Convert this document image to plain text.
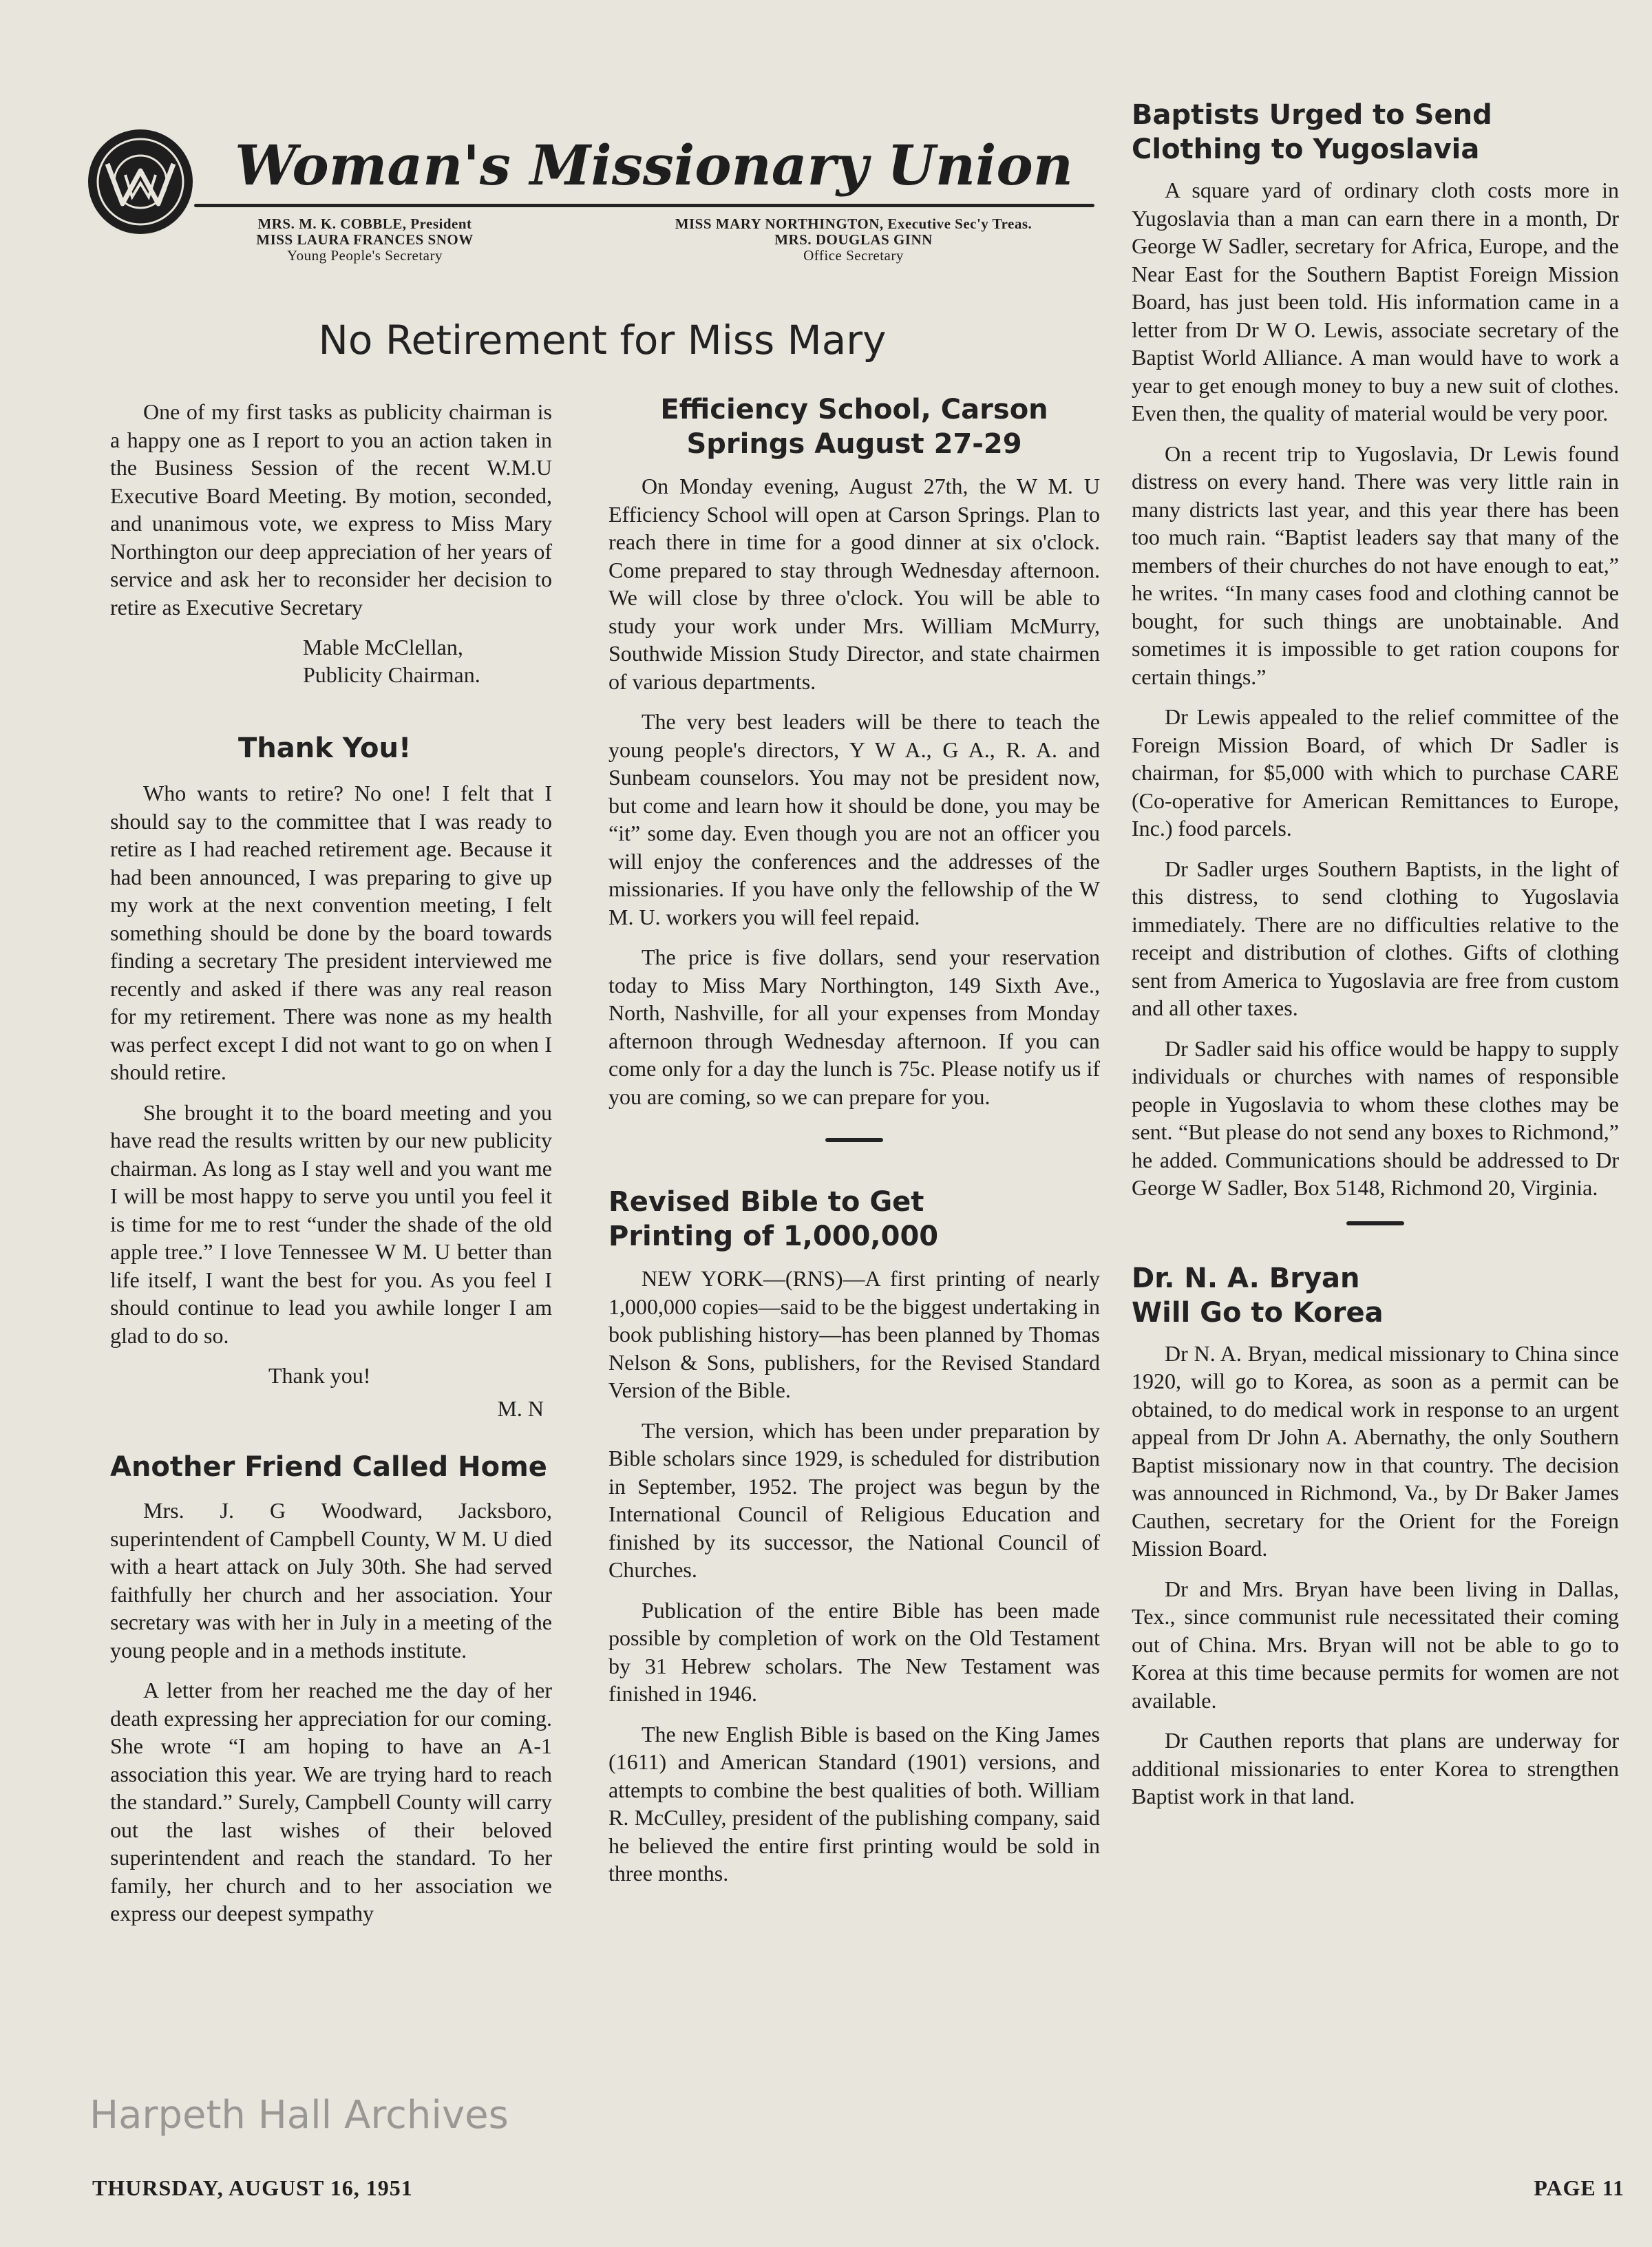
Woman's Missionary Union
MRS. M. K. COBBLE, President
MISS LAURA FRANCES SNOW
Young People's Secretary
MISS MARY NORTHINGTON, Executive Sec'y Treas.
MRS. DOUGLAS GINN
Office Secretary
No Retirement for Miss Mary

One of my first tasks as publicity chairman is a happy one as I report to you an action taken in the Business Session of the recent W.M.U Executive Board Meeting. By motion, seconded, and unanimous vote, we express to Miss Mary Northington our deep appreciation of her years of service and ask her to reconsider her decision to retire as Executive Secretary

Mable McClellan,
Publicity Chairman.
Thank You!

Who wants to retire? No one! I felt that I should say to the committee that I was ready to retire as I had reached retirement age. Because it had been announced, I was preparing to give up my work at the next convention meeting, I felt something should be done by the board towards finding a secretary The president interviewed me recently and asked if there was any real reason for my retirement. There was none as my health was perfect except I did not want to go on when I should retire.

She brought it to the board meeting and you have read the results written by our new publicity chairman. As long as I stay well and you want me I will be most happy to serve you until you feel it is time for me to rest “under the shade of the old apple tree.” I love Tennessee W M. U better than life itself, I want the best for you. As you feel I should continue to lead you awhile longer I am glad to do so.

Thank you!
M. N
Another Friend Called Home

Mrs. J. G Woodward, Jacksboro, superintendent of Campbell County, W M. U died with a heart attack on July 30th. She had served faithfully her church and her association. Your secretary was with her in July in a meeting of the young people and in a methods institute.

A letter from her reached me the day of her death expressing her appreciation for our coming. She wrote “I am hoping to have an A-1 association this year. We are trying hard to reach the standard.” Surely, Campbell County will carry out the last wishes of their beloved superintendent and reach the standard. To her family, her church and to her association we express our deepest sympathy

Efficiency School, Carson
Springs August 27-29

On Monday evening, August 27th, the W M. U Efficiency School will open at Carson Springs. Plan to reach there in time for a good dinner at six o'clock. Come prepared to stay through Wednesday afternoon. We will close by three o'clock. You will be able to study your work under Mrs. William McMurry, Southwide Mission Study Director, and state chairmen of various departments.

The very best leaders will be there to teach the young people's directors, Y W A., G A., R. A. and Sunbeam counselors. You may not be president now, but come and learn how it should be done, you may be “it” some day. Even though you are not an officer you will enjoy the conferences and the addresses of the missionaries. If you have only the fellowship of the W M. U. workers you will feel repaid.

The price is five dollars, send your reservation today to Miss Mary Northington, 149 Sixth Ave., North, Nashville, for all your expenses from Monday afternoon through Wednesday afternoon. If you can come only for a day the lunch is 75c. Please notify us if you are coming, so we can prepare for you.

Revised Bible to Get
Printing of 1,000,000

NEW YORK—(RNS)—A first printing of nearly 1,000,000 copies—said to be the biggest undertaking in book publishing history—has been planned by Thomas Nelson & Sons, publishers, for the Revised Standard Version of the Bible.

The version, which has been under preparation by Bible scholars since 1929, is scheduled for distribution in September, 1952. The project was begun by the International Council of Religious Education and finished by its successor, the National Council of Churches.

Publication of the entire Bible has been made possible by completion of work on the Old Testament by 31 Hebrew scholars. The New Testament was finished in 1946.

The new English Bible is based on the King James (1611) and American Standard (1901) versions, and attempts to combine the best qualities of both. William R. McCulley, president of the publishing company, said he believed the entire first printing would be sold in three months.

Baptists Urged to Send
Clothing to Yugoslavia

A square yard of ordinary cloth costs more in Yugoslavia than a man can earn there in a month, Dr George W Sadler, secretary for Africa, Europe, and the Near East for the Southern Baptist Foreign Mission Board, has just been told. His information came in a letter from Dr W O. Lewis, associate secretary of the Baptist World Alliance. A man would have to work a year to get enough money to buy a new suit of clothes. Even then, the quality of material would be very poor.

On a recent trip to Yugoslavia, Dr Lewis found distress on every hand. There was very little rain in many districts last year, and this year there has been too much rain. “Baptist leaders say that many of the members of their churches do not have enough to eat,” he writes. “In many cases food and clothing cannot be bought, for such things are unobtainable. And sometimes it is impossible to get ration coupons for certain things.”

Dr Lewis appealed to the relief committee of the Foreign Mission Board, of which Dr Sadler is chairman, for $5,000 with which to purchase CARE (Co-operative for American Remittances to Europe, Inc.) food parcels.

Dr Sadler urges Southern Baptists, in the light of this distress, to send clothing to Yugoslavia immediately. There are no difficulties relative to the receipt and distribution of clothes. Gifts of clothing sent from America to Yugoslavia are free from custom and all other taxes.

Dr Sadler said his office would be happy to supply individuals or churches with names of responsible people in Yugoslavia to whom these clothes may be sent. “But please do not send any boxes to Richmond,” he added. Communications should be addressed to Dr George W Sadler, Box 5148, Richmond 20, Virginia.

Dr. N. A. Bryan
Will Go to Korea

Dr N. A. Bryan, medical missionary to China since 1920, will go to Korea, as soon as a permit can be obtained, to do medical work in response to an urgent appeal from Dr John A. Abernathy, the only Southern Baptist missionary now in that country. The decision was announced in Richmond, Va., by Dr Baker James Cauthen, secretary for the Orient for the Foreign Mission Board.

Dr and Mrs. Bryan have been living in Dallas, Tex., since communist rule necessitated their coming out of China. Mrs. Bryan will not be able to go to Korea at this time because permits for women are not available.

Dr Cauthen reports that plans are underway for additional missionaries to enter Korea to strengthen Baptist work in that land.

Harpeth Hall Archives
THURSDAY, AUGUST 16, 1951	PAGE 11
